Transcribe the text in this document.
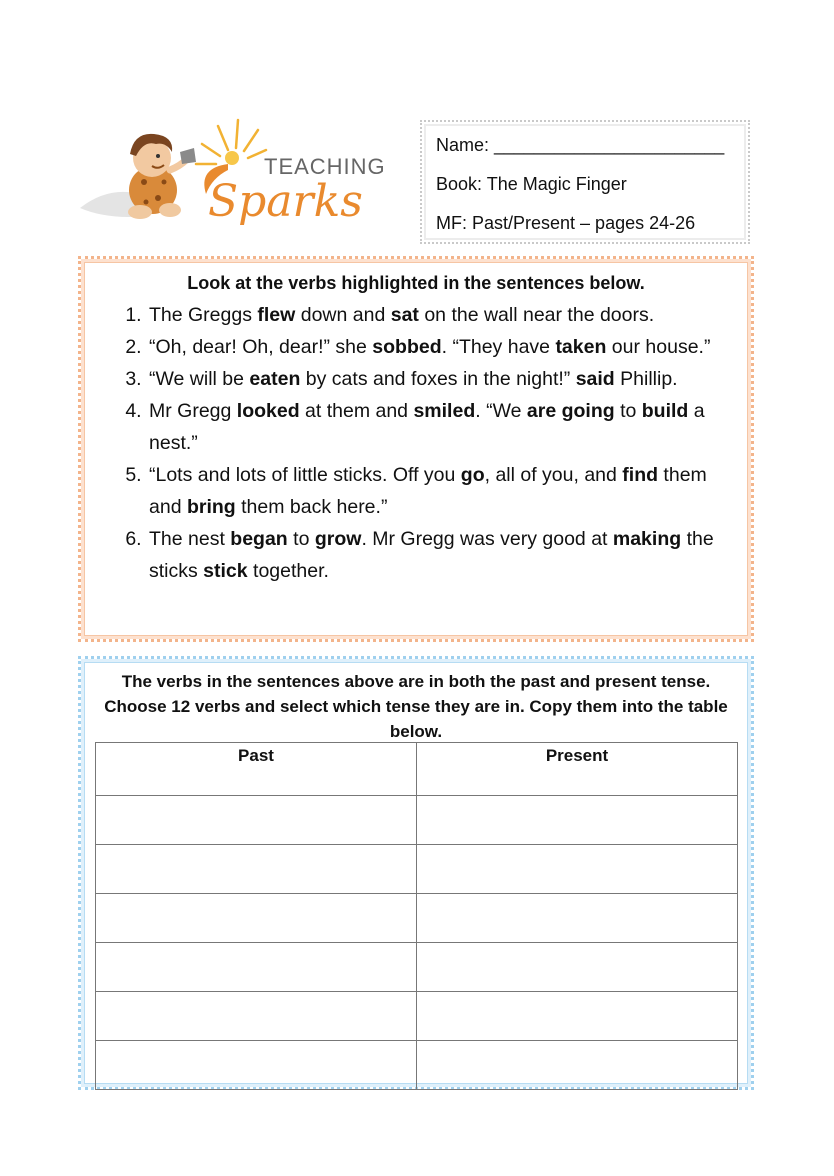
TEACHING
Sparks
Name: _______________________
Book: The Magic Finger
MF: Past/Present – pages 24-26
Look at the verbs highlighted in the sentences below.
1. The Greggs flew down and sat on the wall near the doors.
2. “Oh, dear! Oh, dear!” she sobbed. “They have taken our house.”
3. “We will be eaten by cats and foxes in the night!” said Phillip.
4. Mr Gregg looked at them and smiled. “We are going to build a nest.”
5. “Lots and lots of little sticks. Off you go, all of you, and find them and bring them back here.”
6. The nest began to grow. Mr Gregg was very good at making the sticks stick together.

The verbs in the sentences above are in both the past and present tense. Choose 12 verbs and select which tense they are in. Copy them into the table below.

Past	Present
